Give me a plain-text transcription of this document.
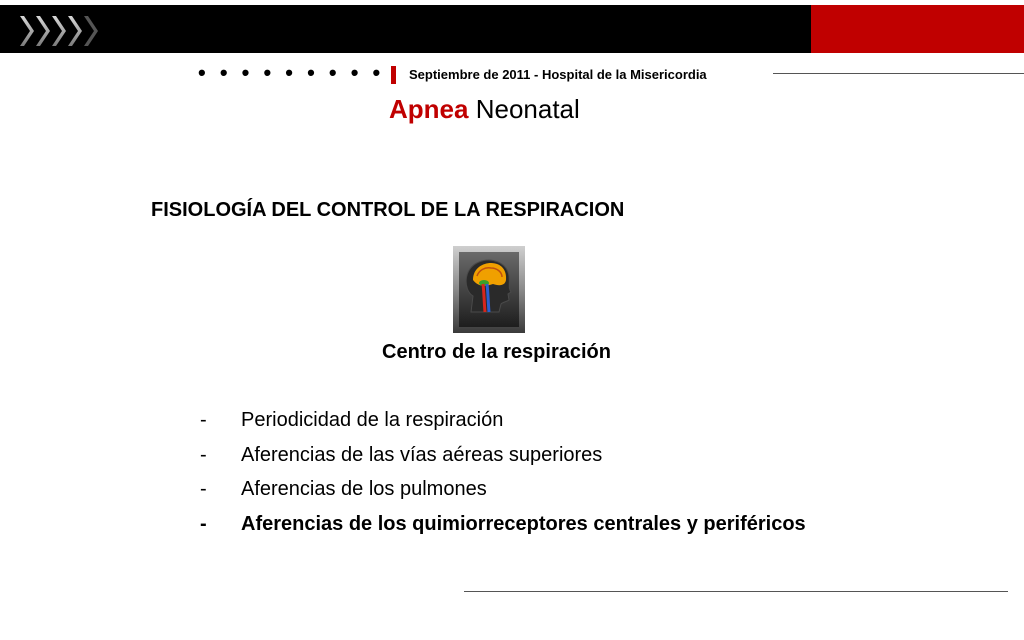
• • • • • • • • • Septiembre de 2011 - Hospital de la Misericordia
Apnea Neonatal
FISIOLOGÍA DEL CONTROL DE LA RESPIRACION
Centro de la respiración
- Periodicidad de la respiración
- Aferencias de las vías aéreas superiores
- Aferencias de los pulmones
- Aferencias de los quimiorreceptores centrales y periféricos
